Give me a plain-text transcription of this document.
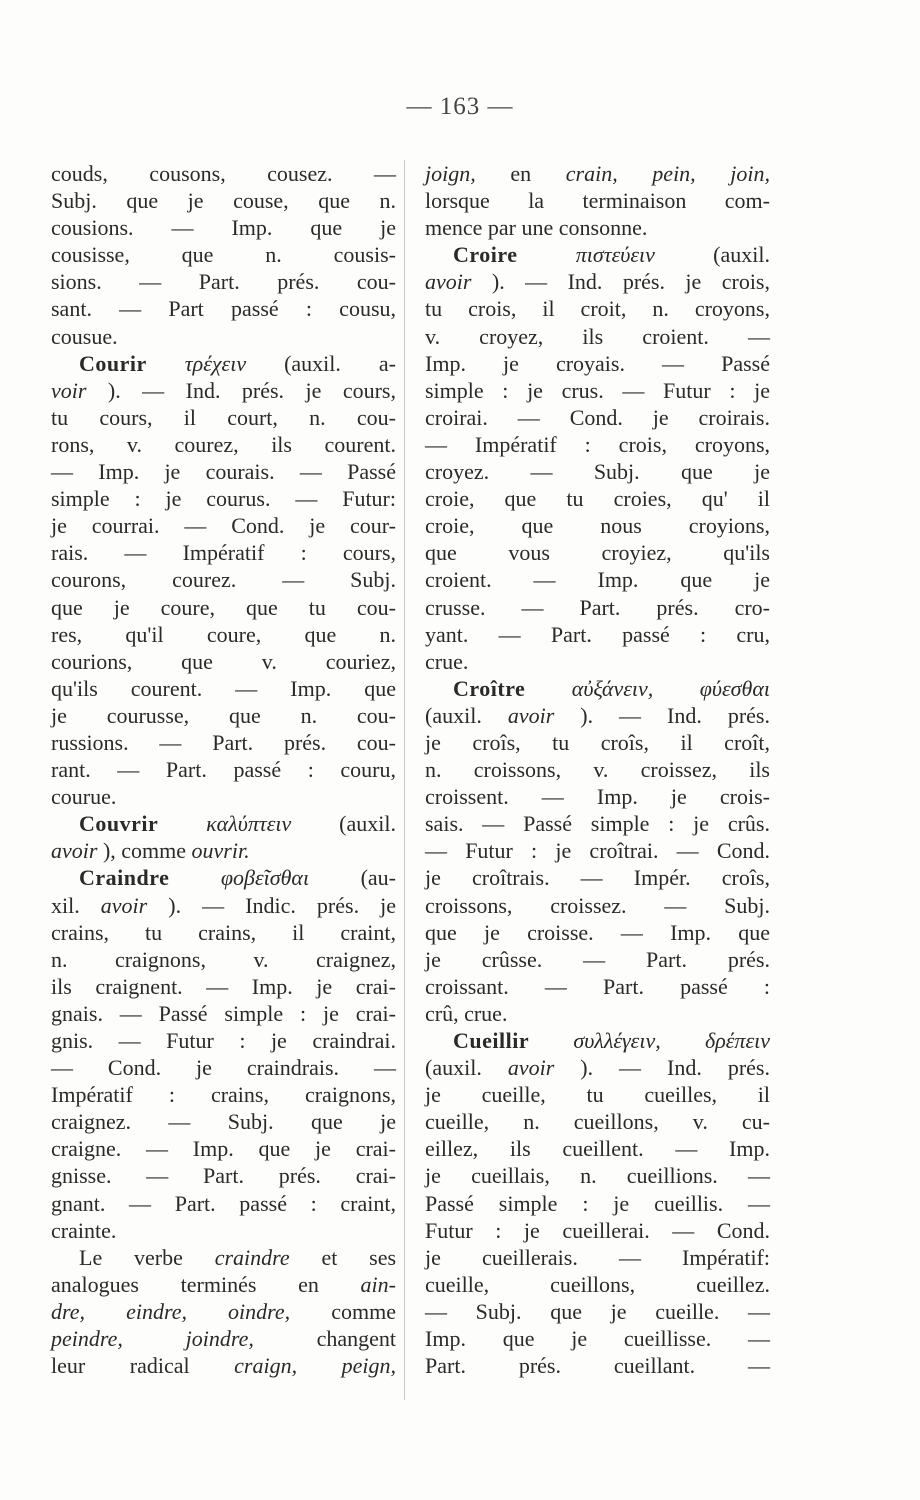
— 163 —
couds, cousons, cousez. —
Subj. que je couse, que n.
cousions. — Imp. que je
cousisse, que n. cousis-
sions. — Part. prés. cou-
sant. — Part passé : cousu,
cousue.
Courir τρέχειν (auxil. a-
voir ). — Ind. prés. je cours,
tu cours, il court, n. cou-
rons, v. courez, ils courent.
— Imp. je courais. — Passé
simple : je courus. — Futur:
je courrai. — Cond. je cour-
rais. — Impératif : cours,
courons, courez. — Subj.
que je coure, que tu cou-
res, qu'il coure, que n.
courions, que v. couriez,
qu'ils courent. — Imp. que
je courusse, que n. cou-
russions. — Part. prés. cou-
rant. — Part. passé : couru,
courue.
Couvrir καλύπτειν (auxil.
avoir ), comme ouvrir.
Craindre φοβεῖσθαι (au-
xil. avoir ). — Indic. prés. je
crains, tu crains, il craint,
n. craignons, v. craignez,
ils craignent. — Imp. je crai-
gnais. — Passé simple : je crai-
gnis. — Futur : je craindrai.
— Cond. je craindrais. —
Impératif : crains, craignons,
craignez. — Subj. que je
craigne. — Imp. que je crai-
gnisse. — Part. prés. crai-
gnant. — Part. passé : craint,
crainte.
Le verbe craindre et ses
analogues terminés en ain-
dre, eindre, oindre, comme
peindre, joindre,	changent
leur radical craign, peign,
joign, en crain, pein, join,
lorsque la terminaison com-
mence par une consonne.
Croire	πιστεύειν	(auxil.
avoir ). — Ind. prés. je crois,
tu crois, il croit, n. croyons,
v. croyez, ils croient. —
Imp. je croyais. — Passé
simple : je crus. — Futur : je
croirai. — Cond. je croirais.
— Impératif : crois, croyons,
croyez. — Subj. que je
croie, que tu croies, qu' il
croie, que nous croyions,
que vous croyiez, qu'ils
croient. — Imp. que je
crusse. — Part. prés. cro-
yant. — Part. passé : cru,
crue.
Croître αὐξάνειν, φύεσθαι
(auxil. avoir ). — Ind. prés.
je croîs, tu croîs, il croît,
n. croissons, v. croissez, ils
croissent. — Imp. je crois-
sais. — Passé simple : je crûs.
— Futur : je croîtrai. — Cond.
je croîtrais. — Impér. croîs,
croissons, croissez. — Subj.
que je croisse. — Imp. que
je crûsse. — Part. prés.
croissant. — Part. passé :
crû, crue.
Cueillir συλλέγειν, δρέπειν
(auxil. avoir ). — Ind. prés.
je cueille, tu cueilles, il
cueille, n. cueillons, v. cu-
eillez, ils cueillent. — Imp.
je cueillais, n. cueillions. —
Passé simple : je cueillis. —
Futur : je cueillerai. — Cond.
je cueillerais. — Impératif:
cueille, cueillons, cueillez.
— Subj. que je cueille. —
Imp. que je cueillisse. —
Part. prés. cueillant. —
